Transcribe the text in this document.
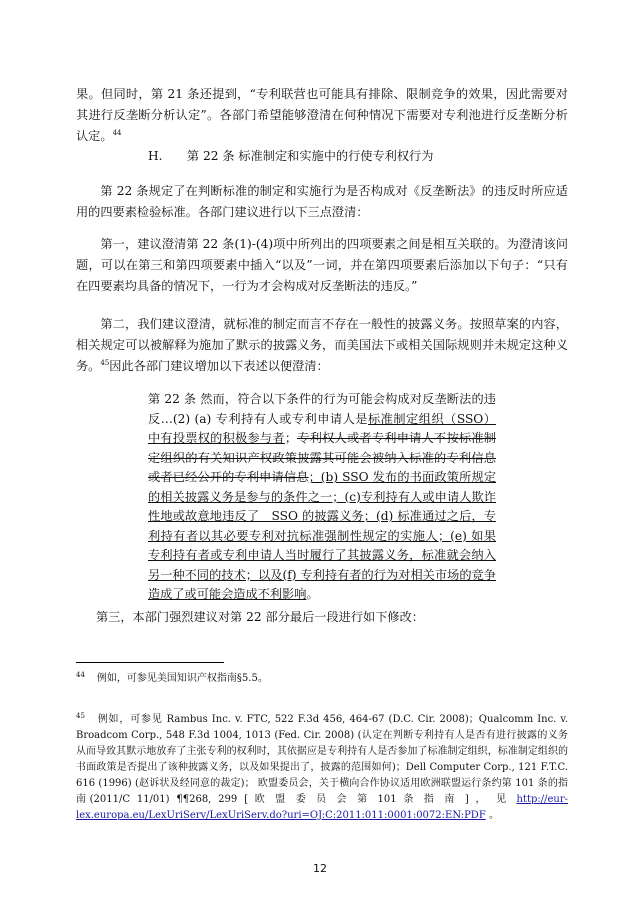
果。但同时，第 21 条还提到，“专利联营也可能具有排除、限制竞争的效果，因此需要对其进行反垄断分析认定”。各部门希望能够澄清在何种情况下需要对专利池进行反垄断分析认定。$^{44}$

H.　　第 22 条 标准制定和实施中的行使专利权行为

第 22 条规定了在判断标准的制定和实施行为是否构成对《反垄断法》的违反时所应适用的四要素检验标准。各部门建议进行以下三点澄清：

第一，建议澄清第 22 条(1)-(4)项中所列出的四项要素之间是相互关联的。为澄清该问题，可以在第三和第四项要素中插入“以及”一词，并在第四项要素后添加以下句子：“只有在四要素均具备的情况下，一行为才会构成对反垄断法的违反。”

第二，我们建议澄清，就标准的制定而言不存在一般性的披露义务。按照草案的内容，相关规定可以被解释为施加了默示的披露义务，而美国法下或相关国际规则并未规定这种义务。$^{45}$因此各部门建议增加以下表述以便澄清：

第 22 条 然而，符合以下条件的行为可能会构成对反垄断法的违反…(2) (a) 专利持有人或专利申请人是标准制定组织（SSO）中有投票权的积极参与者；专利权人或者专利申请人不按标准制定组织的有关知识产权政策披露其可能会被纳入标准的专利信息或者已经公开的专利申请信息；(b) SSO 发布的书面政策所规定的相关披露义务是参与的条件之一；(c)专利持有人或申请人欺诈性地或故意地违反了　SSO 的披露义务；(d) 标准通过之后，专利持有者以其必要专利对抗标准强制性规定的实施人；(e) 如果专利持有者或专利申请人当时履行了其披露义务，标准就会纳入另一种不同的技术；以及(f) 专利持有者的行为对相关市场的竞争造成了或可能会造成不利影响。

第三，本部门强烈建议对第 22 部分最后一段进行如下修改：

$^{44}$ 例如，可参见美国知识产权指南§5.5。

$^{45}$ 例如，可参见 Rambus Inc. v. FTC, 522 F.3d 456, 464-67 (D.C. Cir. 2008)；Qualcomm Inc. v. Broadcom Corp., 548 F.3d 1004, 1013 (Fed. Cir. 2008) (认定在判断专利持有人是否有进行披露的义务从而导致其默示地放弃了主张专利的权利时，其依据应是专利持有人是否参加了标准制定组织，标准制定组织的书面政策是否提出了该种披露义务，以及如果提出了，披露的范围如何)；Dell Computer Corp., 121 F.T.C. 616 (1996) (赵诉状及经同意的裁定)； 欧盟委员会，关于横向合作协议适用欧洲联盟运行条约第 101 条的指南(2011/C 11/01) ¶¶268, 299 [ 欧 盟 委 员 会 第 101 条 指 南 ] ， 见 http://eur-lex.europa.eu/LexUriServ/LexUriServ.do?uri=OJ:C:2011:011:0001:0072:EN:PDF 。

12
